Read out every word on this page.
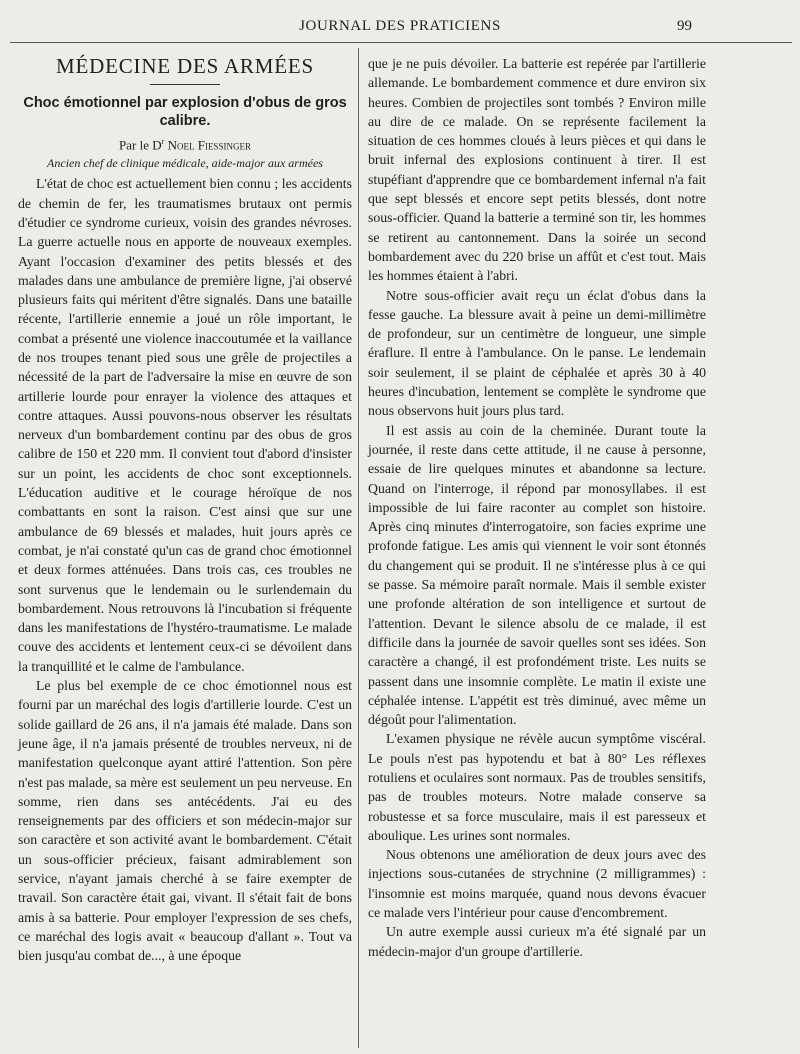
JOURNAL DES PRATICIENS	99
MÉDECINE DES ARMÉES
Choc émotionnel par explosion d'obus de gros calibre.

Par le $D^r$ Noel Fiessinger

Ancien chef de clinique médicale, aide-major aux armées

L'état de choc est actuellement bien connu ; les accidents de chemin de fer, les traumatismes brutaux ont permis d'étudier ce syndrome curieux, voisin des grandes névroses. La guerre actuelle nous en apporte de nouveaux exemples. Ayant l'occasion d'examiner des petits blessés et des malades dans une ambulance de première ligne, j'ai observé plusieurs faits qui méritent d'être signalés. Dans une bataille récente, l'artillerie ennemie a joué un rôle important, le combat a présenté une violence inaccoutumée et la vaillance de nos troupes tenant pied sous une grêle de projectiles a nécessité de la part de l'adversaire la mise en œuvre de son artillerie lourde pour enrayer la violence des attaques et contre attaques. Aussi pouvons-nous observer les résultats nerveux d'un bombardement continu par des obus de gros calibre de 150 et 220 mm. Il convient tout d'abord d'insister sur un point, les accidents de choc sont exceptionnels. L'éducation auditive et le courage héroïque de nos combattants en sont la raison. C'est ainsi que sur une ambulance de 69 blessés et malades, huit jours après ce combat, je n'ai constaté qu'un cas de grand choc émotionnel et deux formes atténuées. Dans trois cas, ces troubles ne sont survenus que le lendemain ou le surlendemain du bombardement. Nous retrouvons là l'incubation si fréquente dans les manifestations de l'hystéro-traumatisme. Le malade couve des accidents et lentement ceux-ci se dévoilent dans la tranquillité et le calme de l'ambulance.

Le plus bel exemple de ce choc émotionnel nous est fourni par un maréchal des logis d'artillerie lourde. C'est un solide gaillard de 26 ans, il n'a jamais été malade. Dans son jeune âge, il n'a jamais présenté de troubles nerveux, ni de manifestation quelconque ayant attiré l'attention. Son père n'est pas malade, sa mère est seulement un peu nerveuse. En somme, rien dans ses antécédents. J'ai eu des renseignements par des officiers et son médecin-major sur son caractère et son activité avant le bombardement. C'était un sous-officier précieux, faisant admirablement son service, n'ayant jamais cherché à se faire exempter de travail. Son caractère était gai, vivant. Il s'était fait de bons amis à sa batterie. Pour employer l'expression de ses chefs, ce maréchal des logis avait « beaucoup d'allant ». Tout va bien jusqu'au combat de..., à une époque

que je ne puis dévoiler. La batterie est repérée par l'artillerie allemande. Le bombardement commence et dure environ six heures. Combien de projectiles sont tombés ? Environ mille au dire de ce malade. On se représente facilement la situation de ces hommes cloués à leurs pièces et qui dans le bruit infernal des explosions continuent à tirer. Il est stupéfiant d'apprendre que ce bombardement infernal n'a fait que sept blessés et encore sept petits blessés, dont notre sous-officier. Quand la batterie a terminé son tir, les hommes se retirent au cantonnement. Dans la soirée un second bombardement avec du 220 brise un affût et c'est tout. Mais les hommes étaient à l'abri.

Notre sous-officier avait reçu un éclat d'obus dans la fesse gauche. La blessure avait à peine un demi-millimètre de profondeur, sur un centimètre de longueur, une simple éraflure. Il entre à l'ambulance. On le panse. Le lendemain soir seulement, il se plaint de céphalée et après 30 à 40 heures d'incubation, lentement se complète le syndrome que nous observons huit jours plus tard.

Il est assis au coin de la cheminée. Durant toute la journée, il reste dans cette attitude, il ne cause à personne, essaie de lire quelques minutes et abandonne sa lecture. Quand on l'interroge, il répond par monosyllabes. il est impossible de lui faire raconter au complet son histoire. Après cinq minutes d'interrogatoire, son facies exprime une profonde fatigue. Les amis qui viennent le voir sont étonnés du changement qui se produit. Il ne s'intéresse plus à ce qui se passe. Sa mémoire paraît normale. Mais il semble exister une profonde altération de son intelligence et surtout de l'attention. Devant le silence absolu de ce malade, il est difficile dans la journée de savoir quelles sont ses idées. Son caractère a changé, il est profondément triste. Les nuits se passent dans une insomnie complète. Le matin il existe une céphalée intense. L'appétit est très diminué, avec même un dégoût pour l'alimentation.

L'examen physique ne révèle aucun symptôme viscéral. Le pouls n'est pas hypotendu et bat à 80° Les réflexes rotuliens et oculaires sont normaux. Pas de troubles sensitifs, pas de troubles moteurs. Notre malade conserve sa robustesse et sa force musculaire, mais il est paresseux et aboulique. Les urines sont normales.

Nous obtenons une amélioration de deux jours avec des injections sous-cutanées de strychnine (2 milligrammes) : l'insomnie est moins marquée, quand nous devons évacuer ce malade vers l'intérieur pour cause d'encombrement.

Un autre exemple aussi curieux m'a été signalé par un médecin-major d'un groupe d'artillerie.
